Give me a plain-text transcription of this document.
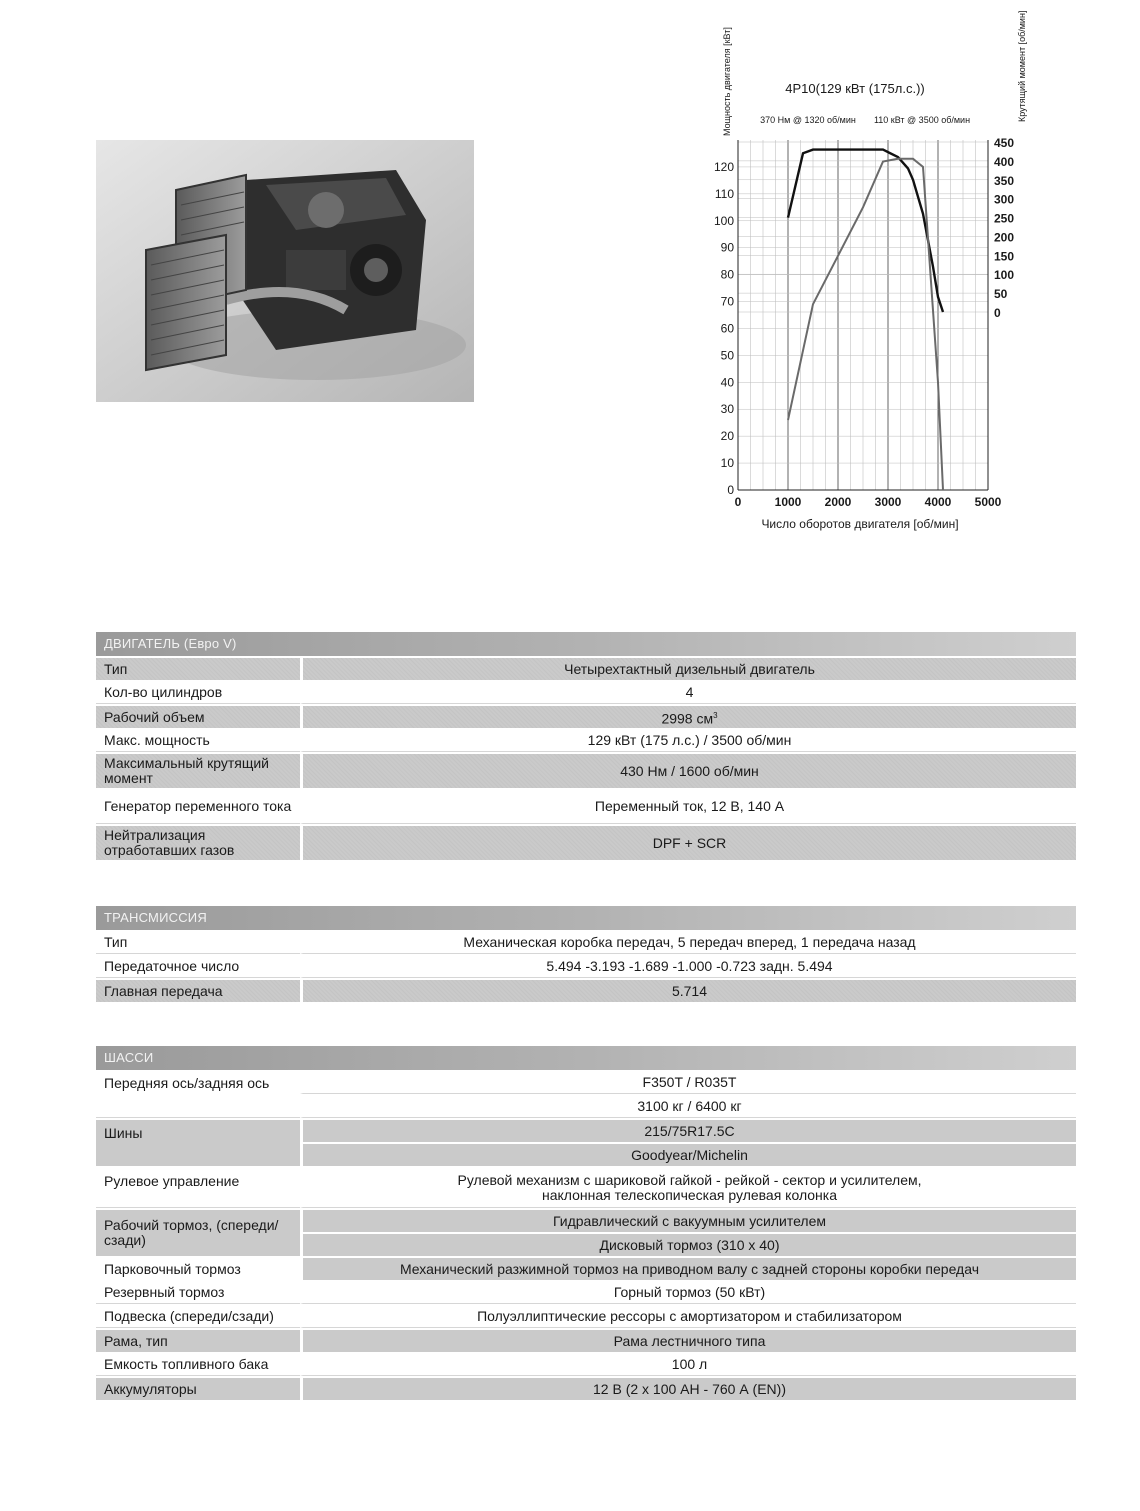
4P10(129 кВт (175л.с.))
370 Нм @ 1320 об/мин 110 кВт @ 3500 об/мин
Мощность двигателя [кВт]	Крутящий момент [об/мин]
Число оборотов двигателя [об/мин]
0	1000 2000 3000 4000 5000
0
10
20
30
40
50
60
70
80
90
100
110
120
0
50
100
150
200
250
300
350
400
450
ДВИГАТЕЛЬ (Евро V)
Тип	Четырехтактный дизельный двигатель
Кол-во цилиндров	4
Рабочий объем	2998 $см^3$
Макс. мощность	129 кВт (175 л.с.) / 3500 об/мин
Максимальный крутящий момент	430 Нм / 1600 об/мин
Генератор переменного тока	Переменный ток, 12 В, 140 А
Нейтрализация отработавших газов	DPF + SCR
ТРАНСМИССИЯ
Тип	Механическая коробка передач, 5 передач вперед, 1 передача назад
Передаточное число	5.494 -3.193 -1.689 -1.000 -0.723 задн. 5.494
Главная передача	5.714
ШАССИ
Передняя ось/задняя ось	F350T / R035T
	3100 кг / 6400 кг
Шины	215/75R17.5C
	Goodyear/Michelin
Рулевое управление	Рулевой механизм с шариковой гайкой - рейкой - сектор и усилителем,
наклонная телескопическая рулевая колонка

Рабочий тормоз, (спереди/сзади)	Гидравлический с вакуумным усилителем
	Дисковый тормоз (310 х 40)
Парковочный тормоз	Механический разжимной тормоз на приводном валу с задней стороны коробки передач
Резервный тормоз	Горный тормоз (50 кВт)
Подвеска (спереди/сзади)	Полуэллиптические рессоры с амортизатором и стабилизатором
Рама, тип	Рама лестничного типа
Емкость топливного бака	100 л
Аккумуляторы	12 В (2 х 100 АН - 760 А (EN))
